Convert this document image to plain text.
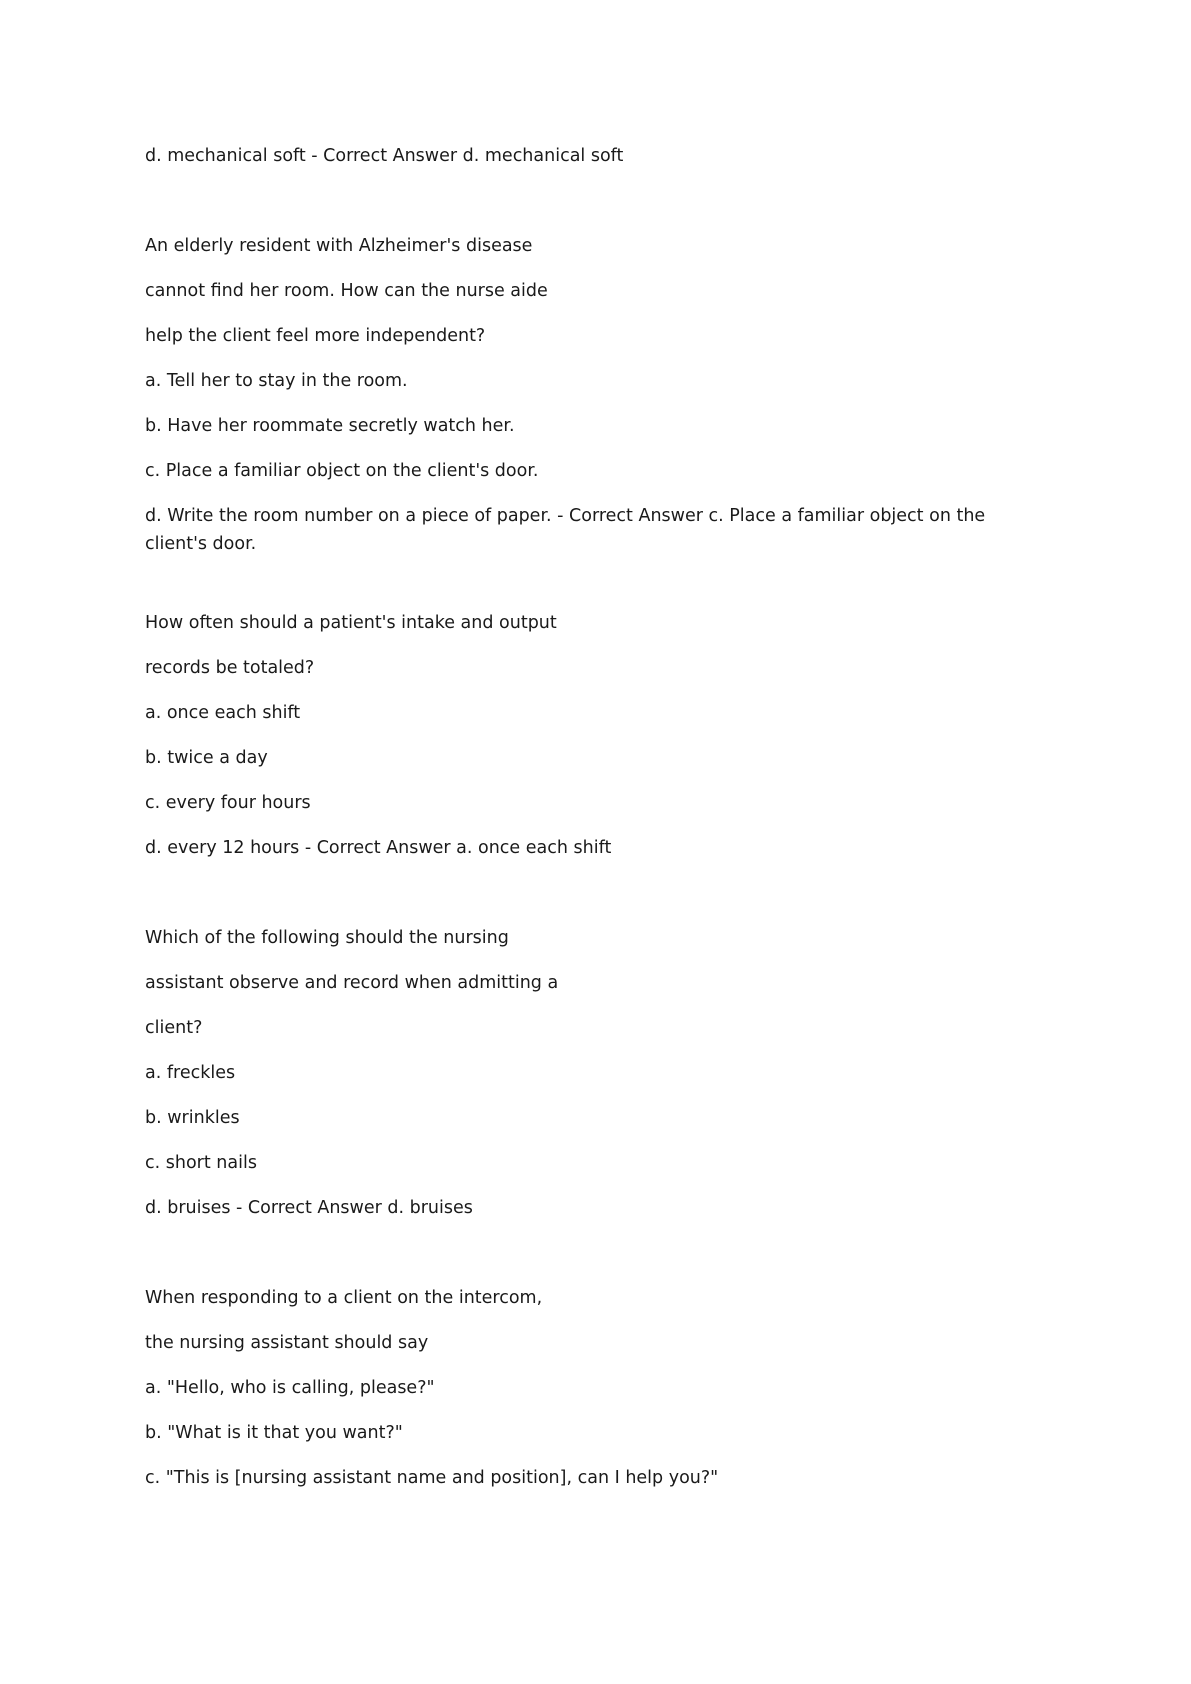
d. mechanical soft - Correct Answer d. mechanical soft
An elderly resident with Alzheimer's disease
cannot find her room. How can the nurse aide
help the client feel more independent?
a. Tell her to stay in the room.
b. Have her roommate secretly watch her.
c. Place a familiar object on the client's door.
d. Write the room number on a piece of paper. - Correct Answer c. Place a familiar object on the client's door.
How often should a patient's intake and output
records be totaled?
a. once each shift
b. twice a day
c. every four hours
d. every 12 hours - Correct Answer a. once each shift
Which of the following should the nursing
assistant observe and record when admitting a
client?
a. freckles
b. wrinkles
c. short nails
d. bruises - Correct Answer d. bruises
When responding to a client on the intercom,
the nursing assistant should say
a. "Hello, who is calling, please?"
b. "What is it that you want?"
c. "This is [nursing assistant name and position], can I help you?"
